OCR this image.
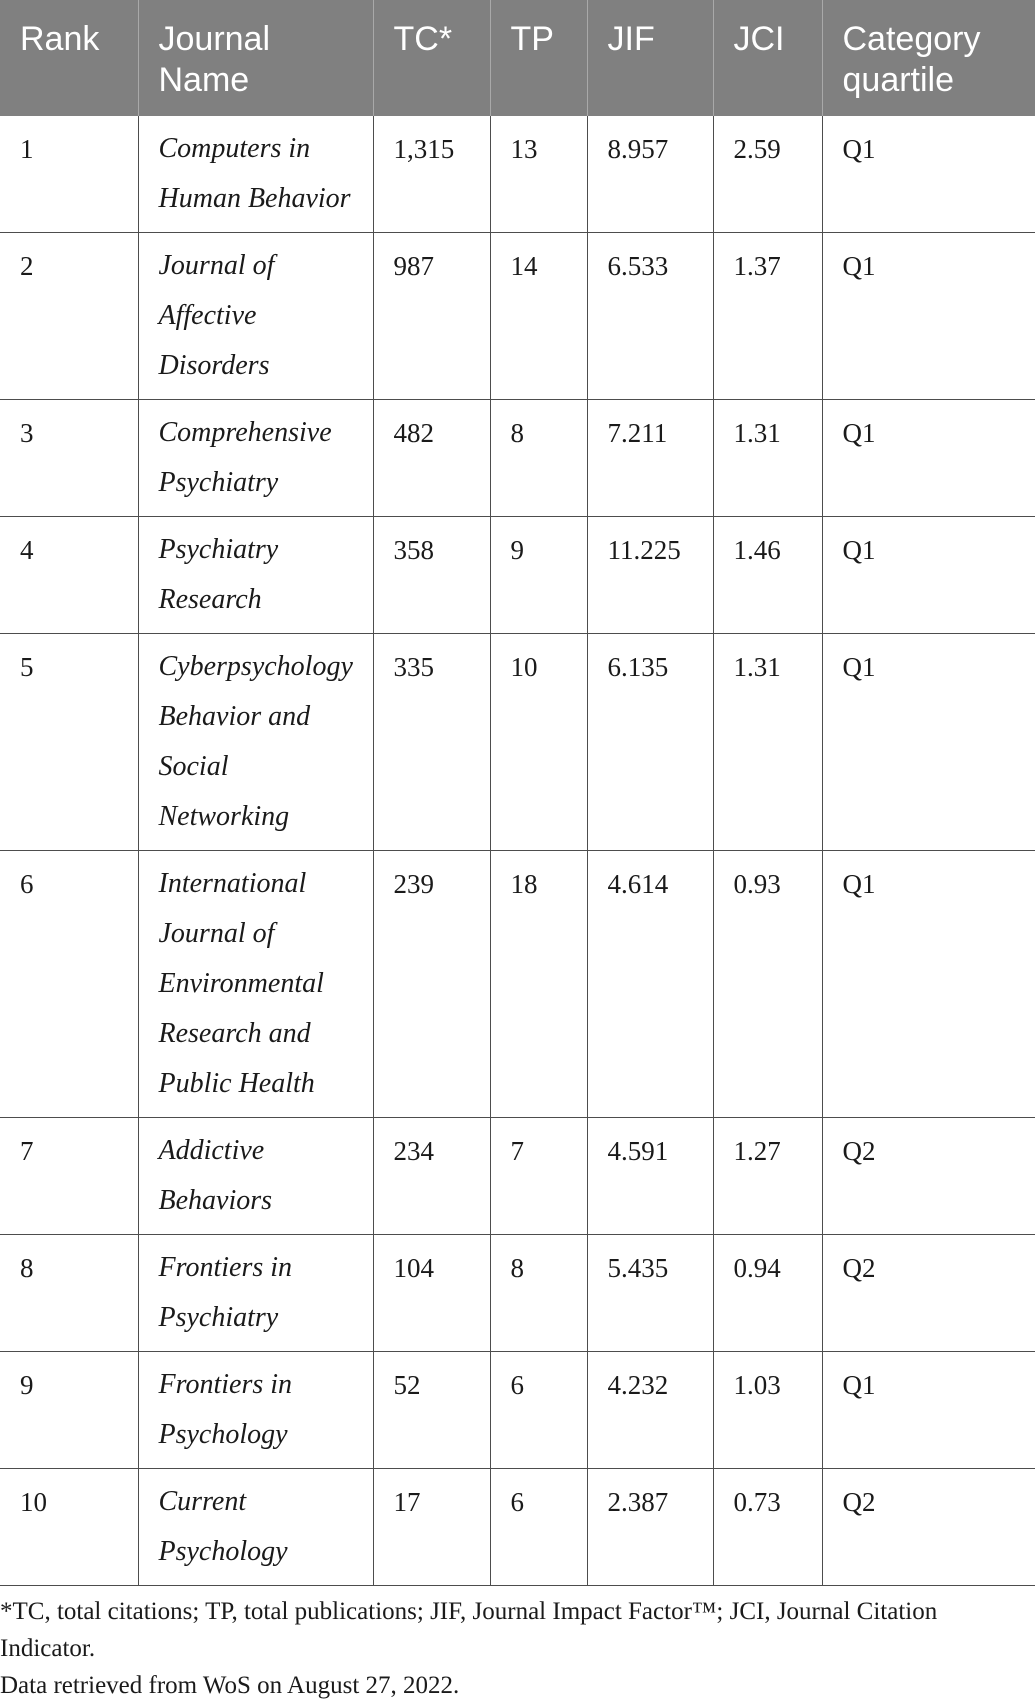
Rank	Journal Name	TC*	TP	JIF	JCI	Category quartile
1	Computers in Human Behavior	1,315	13	8.957	2.59	Q1
2	Journal of Affective Disorders	987	14	6.533	1.37	Q1
3	Comprehensive Psychiatry	482	8	7.211	1.31	Q1
4	Psychiatry Research	358	9	11.225	1.46	Q1
5	Cyberpsychology Behavior and Social Networking	335	10	6.135	1.31	Q1
6	International Journal of Environmental Research and Public Health	239	18	4.614	0.93	Q1
7	Addictive Behaviors	234	7	4.591	1.27	Q2
8	Frontiers in Psychiatry	104	8	5.435	0.94	Q2
9	Frontiers in Psychology	52	6	4.232	1.03	Q1
10	Current Psychology	17	6	2.387	0.73	Q2

*TC, total citations; TP, total publications; JIF, Journal Impact Factor™; JCI, Journal Citation Indicator.

Data retrieved from WoS on August 27, 2022.
